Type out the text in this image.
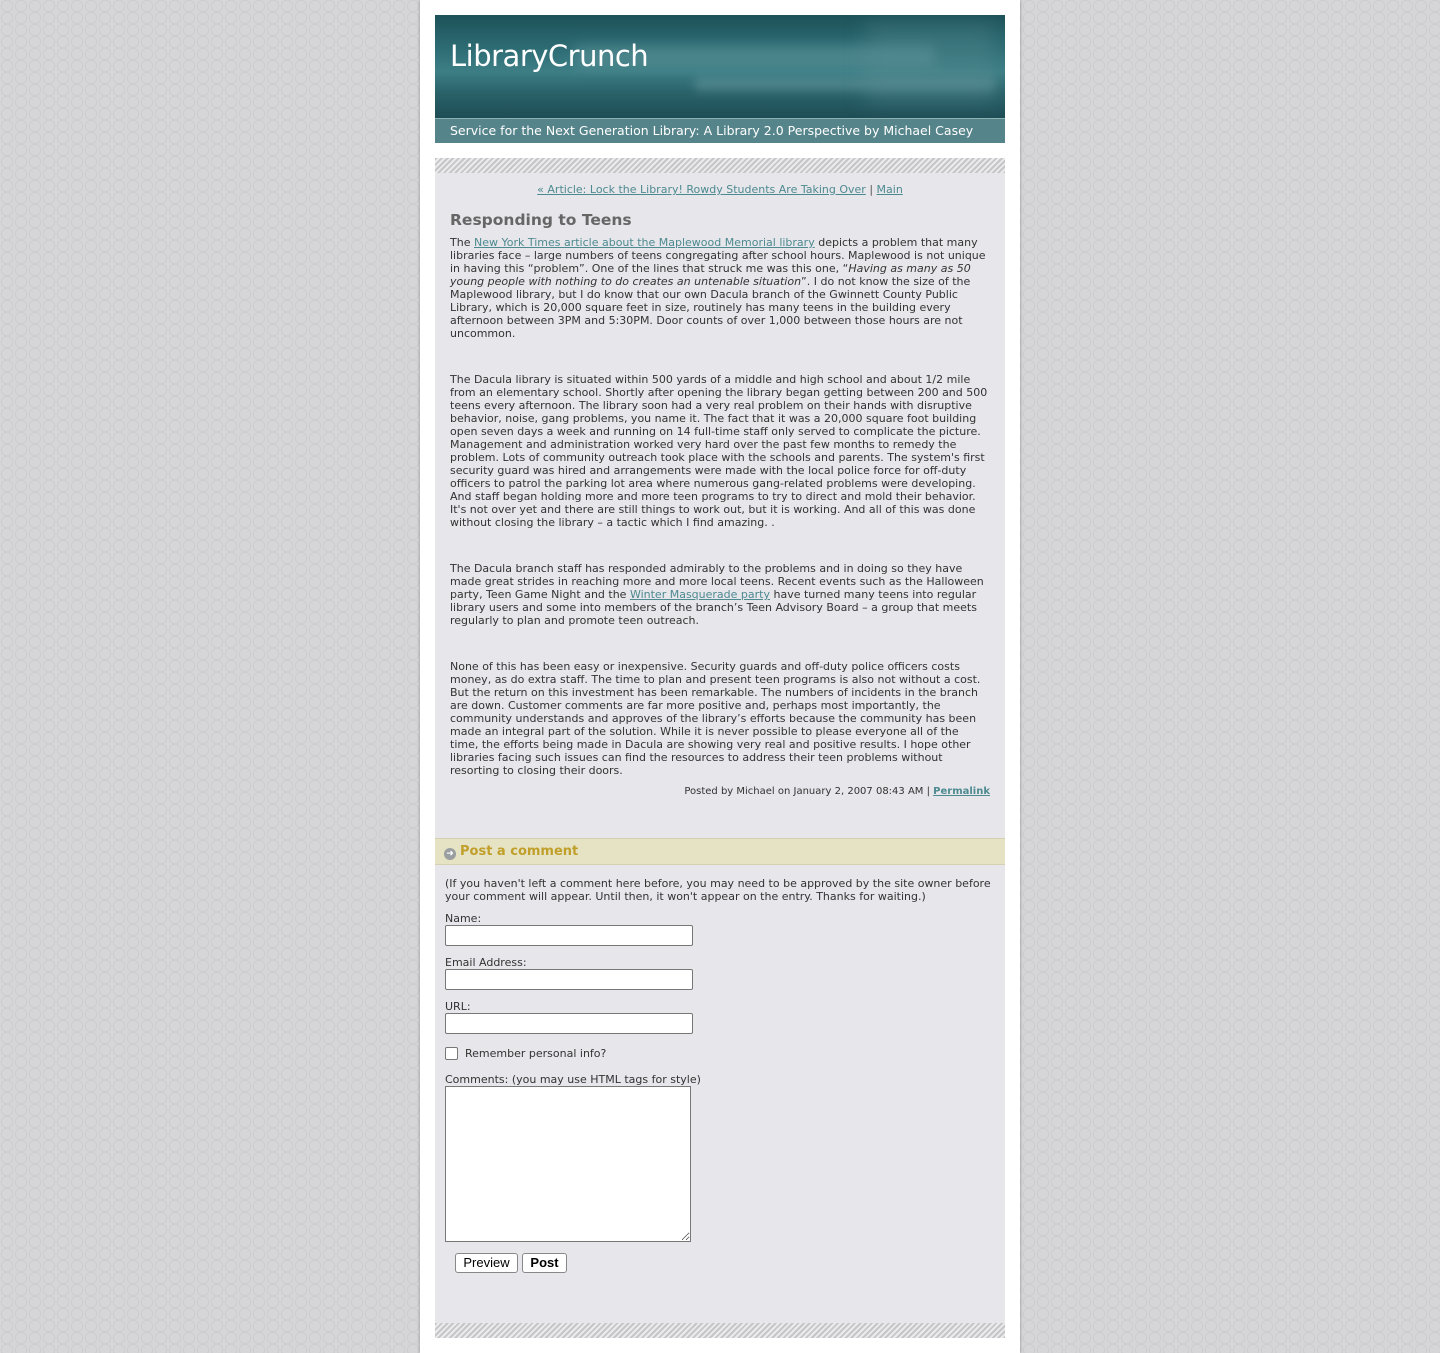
LibraryCrunch
Service for the Next Generation Library: A Library 2.0 Perspective by Michael Casey
« Article: Lock the Library! Rowdy Students Are Taking Over | Main
Responding to Teens

The New York Times article about the Maplewood Memorial library depicts a problem that many libraries face – large numbers of teens congregating after school hours. Maplewood is not unique in having this “problem”. One of the lines that struck me was this one, “Having as many as 50 young people with nothing to do creates an untenable situation”. I do not know the size of the Maplewood library, but I do know that our own Dacula branch of the Gwinnett County Public Library, which is 20,000 square feet in size, routinely has many teens in the building every afternoon between 3PM and 5:30PM. Door counts of over 1,000 between those hours are not uncommon.

The Dacula library is situated within 500 yards of a middle and high school and about 1/2 mile from an elementary school. Shortly after opening the library began getting between 200 and 500 teens every afternoon. The library soon had a very real problem on their hands with disruptive behavior, noise, gang problems, you name it. The fact that it was a 20,000 square foot building open seven days a week and running on 14 full-time staff only served to complicate the picture. Management and administration worked very hard over the past few months to remedy the problem. Lots of community outreach took place with the schools and parents. The system's first security guard was hired and arrangements were made with the local police force for off-duty officers to patrol the parking lot area where numerous gang-related problems were developing. And staff began holding more and more teen programs to try to direct and mold their behavior. It's not over yet and there are still things to work out, but it is working. And all of this was done without closing the library – a tactic which I find amazing. .

The Dacula branch staff has responded admirably to the problems and in doing so they have made great strides in reaching more and more local teens. Recent events such as the Halloween party, Teen Game Night and the Winter Masquerade party have turned many teens into regular library users and some into members of the branch’s Teen Advisory Board – a group that meets regularly to plan and promote teen outreach.

None of this has been easy or inexpensive. Security guards and off-duty police officers costs money, as do extra staff. The time to plan and present teen programs is also not without a cost. But the return on this investment has been remarkable. The numbers of incidents in the branch are down. Customer comments are far more positive and, perhaps most importantly, the community understands and approves of the library’s efforts because the community has been made an integral part of the solution. While it is never possible to please everyone all of the time, the efforts being made in Dacula are showing very real and positive results. I hope other libraries facing such issues can find the resources to address their teen problems without resorting to closing their doors.

Posted by Michael on January 2, 2007 08:43 AM | Permalink
➜ Post a comment
(If you haven't left a comment here before, you may need to be approved by the site owner before your comment will appear. Until then, it won't appear on the entry. Thanks for waiting.)
Name:
Email Address:
URL:
Remember personal info?
Comments: (you may use HTML tags for style)
Preview	Post
